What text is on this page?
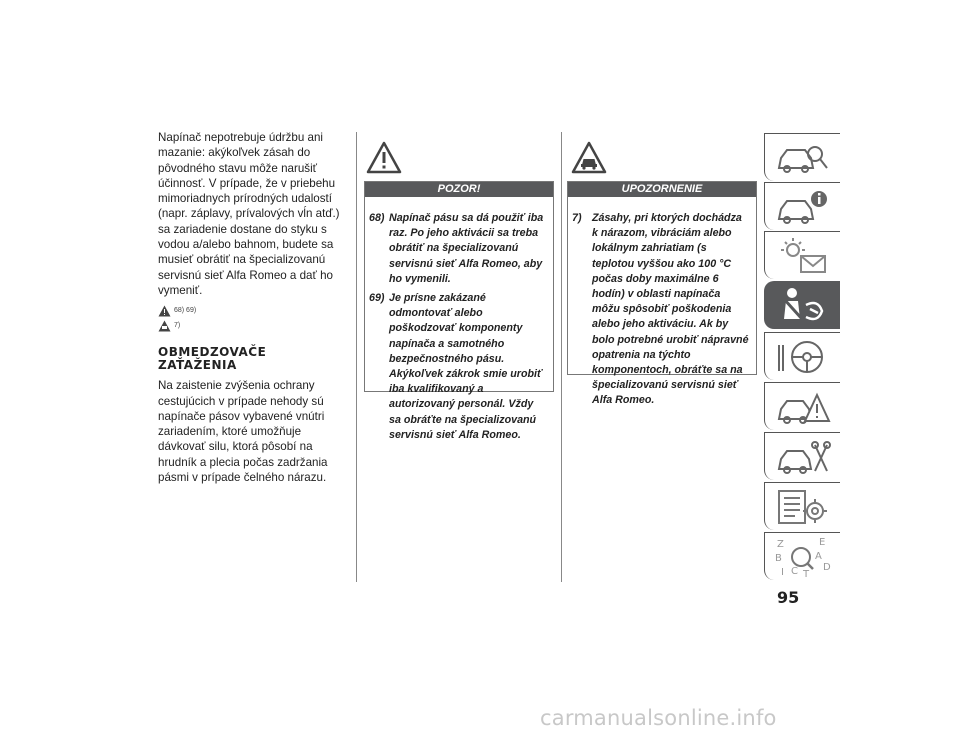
Napínač nepotrebuje údržbu ani mazanie: akýkoľvek zásah do pôvodného stavu môže narušiť účinnosť. V prípade, že v priebehu mimoriadnych prírodných udalostí (napr. záplavy, prívalových vĺn atď.) sa zariadenie dostane do styku s vodou a/alebo bahnom, budete sa musieť obrátiť na špecializovanú servisnú sieť Alfa Romeo a dať ho vymeniť.

68) 69)
7)
OBMEDZOVAČE
ZAŤAŽENIA

Na zaistenie zvýšenia ochrany cestujúcich v prípade nehody sú napínače pásov vybavené vnútri zariadením, ktoré umožňuje dávkovať silu, ktorá pôsobí na hrudník a plecia počas zadržania pásmi v prípade čelného nárazu.

POZOR!
68) Napínač pásu sa dá použiť iba raz. Po jeho aktivácii sa treba obrátiť na špecializovanú servisnú sieť Alfa Romeo, aby ho vymenili.
69) Je prísne zakázané odmontovať alebo poškodzovať komponenty napínača a samotného bezpečnostného pásu. Akýkoľvek zákrok smie urobiť iba kvalifikovaný a autorizovaný personál. Vždy sa obráťte na špecializovanú servisnú sieť Alfa Romeo.
UPOZORNENIE
7) Zásahy, pri ktorých dochádza k nárazom, vibráciám alebo lokálnym zahriatiam (s teplotou vyššou ako 100 °C počas doby maximálne 6 hodín) v oblasti napínača môžu spôsobiť poškodenia alebo jeho aktiváciu. Ak by bolo potrebné urobiť nápravné opatrenia na týchto komponentoch, obráťte sa na špecializovanú servisnú sieť Alfa Romeo.
Z	E
B	A
D
C T
I
95
carmanualsonline.info
